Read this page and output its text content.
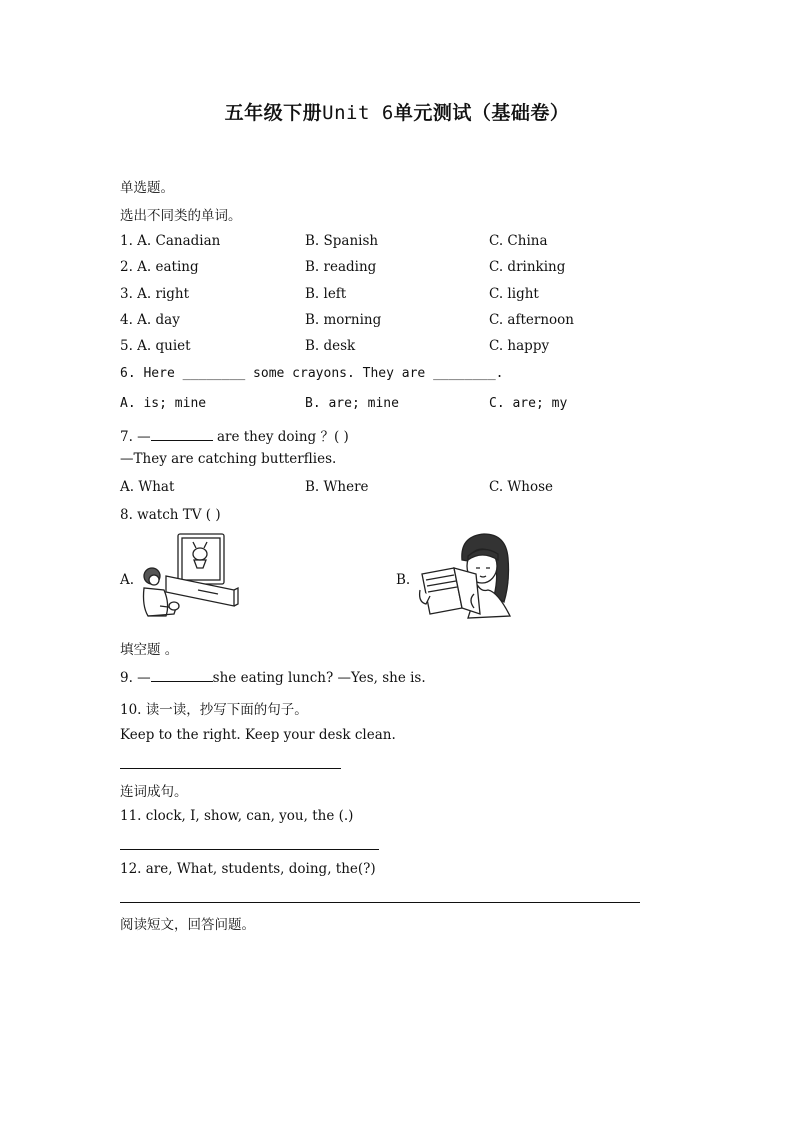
五年级下册Unit 6单元测试（基础卷）
单选题。
选出不同类的单词。
1. A. Canadian	B. Spanish	C. China
2. A. eating	B. reading	C. drinking
3. A. right	B. left	C. light
4. A. day	B. morning	C. afternoon
5. A. quiet	B. desk	C. happy
6. Here ________ some crayons. They are ________.
A. is; mine	B. are; mine	C. are; my
7. —	are they doing ？( )
—They are catching butterflies.
A. What	B. Where	C. Whose
8. watch TV ( )
A.	B.
填空题 。
9. —	she eating lunch? —Yes, she is.
10. 读一读，抄写下面的句子。
Keep to the right. Keep your desk clean.
连词成句。
11. clock, I, show, can, you, the (.)
12. are, What, students, doing, the(?)
阅读短文，回答问题。
